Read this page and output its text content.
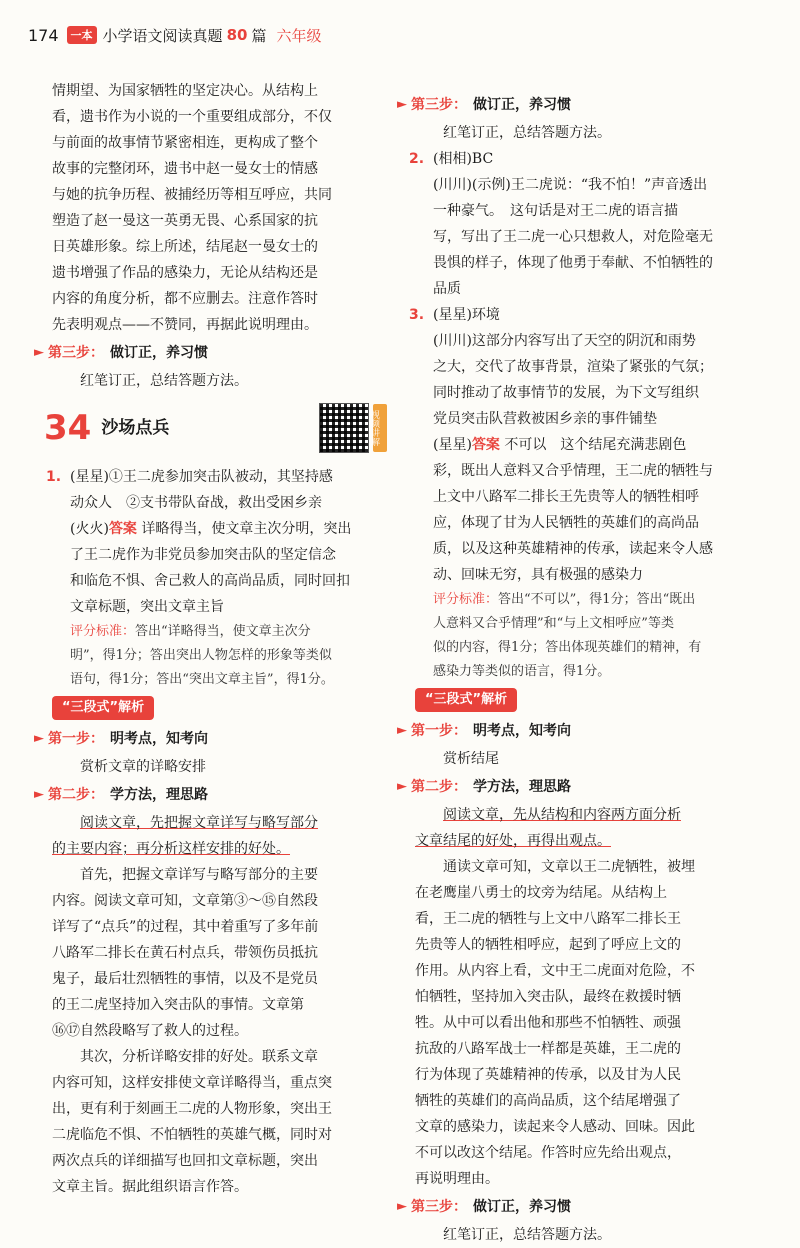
174	一本 小学语文阅读真题 80 篇 六年级

情期望、为国家牺牲的坚定决心。从结构上

看，遗书作为小说的一个重要组成部分，不仅

与前面的故事情节紧密相连，更构成了整个

故事的完整闭环，遗书中赵一曼女士的情感

与她的抗争历程、被捕经历等相互呼应，共同

塑造了赵一曼这一英勇无畏、心系国家的抗

日英雄形象。综上所述，结尾赵一曼女士的

遗书增强了作品的感染力，无论从结构还是

内容的角度分析，都不应删去。注意作答时

先表明观点——不赞同，再据此说明理由。

► 第三步： 做订正，养习惯

红笔订正，总结答题方法。

34 沙场点兵	视频讲解
1. (星星)①王二虎参加突击队被动，其坚持感

动众人　②支书带队奋战，救出受困乡亲

(火火)答案 详略得当，使文章主次分明，突出

了王二虎作为非党员参加突击队的坚定信念

和临危不惧、舍己救人的高尚品质，同时回扣

文章标题，突出文章主旨

评分标准：答出“详略得当，使文章主次分

明”，得1分；答出突出人物怎样的形象等类似

语句，得1分；答出“突出文章主旨”，得1分。

“三段式”解析
► 第一步： 明考点，知考向

赏析文章的详略安排

► 第二步： 学方法，理思路

阅读文章，先把握文章详写与略写部分

的主要内容；再分析这样安排的好处。

首先，把握文章详写与略写部分的主要

内容。阅读文章可知，文章第③～⑮自然段

详写了“点兵”的过程，其中着重写了多年前

八路军二排长在黄石村点兵，带领伤员抵抗

鬼子，最后壮烈牺牲的事情，以及不是党员

的王二虎坚持加入突击队的事情。文章第

⑯⑰自然段略写了救人的过程。

其次，分析详略安排的好处。联系文章

内容可知，这样安排使文章详略得当，重点突

出，更有利于刻画王二虎的人物形象，突出王

二虎临危不惧、不怕牺牲的英雄气概，同时对

两次点兵的详细描写也回扣文章标题，突出

文章主旨。据此组织语言作答。

► 第三步： 做订正，养习惯

红笔订正，总结答题方法。

2. (相相)BC

(川川)(示例)王二虎说：“我不怕！”声音透出

一种豪气。　这句话是对王二虎的语言描

写，写出了王二虎一心只想救人，对危险毫无

畏惧的样子，体现了他勇于奉献、不怕牺牲的

品质

3. (星星)环境

(川川)这部分内容写出了天空的阴沉和雨势

之大，交代了故事背景，渲染了紧张的气氛；

同时推动了故事情节的发展，为下文写组织

党员突击队营救被困乡亲的事件铺垫

(星星)答案 不可以　这个结尾充满悲剧色

彩，既出人意料又合乎情理，王二虎的牺牲与

上文中八路军二排长王先贵等人的牺牲相呼

应，体现了甘为人民牺牲的英雄们的高尚品

质，以及这种英雄精神的传承，读起来令人感

动、回味无穷，具有极强的感染力

评分标准：答出“不可以”，得1分；答出“既出

人意料又合乎情理”和“与上文相呼应”等类

似的内容，得1分；答出体现英雄们的精神，有

感染力等类似的语言，得1分。

“三段式”解析
► 第一步： 明考点，知考向

赏析结尾

► 第二步： 学方法，理思路

阅读文章，先从结构和内容两方面分析

文章结尾的好处，再得出观点。

通读文章可知，文章以王二虎牺牲，被埋

在老鹰崖八勇士的坟旁为结尾。从结构上

看，王二虎的牺牲与上文中八路军二排长王

先贵等人的牺牲相呼应，起到了呼应上文的

作用。从内容上看，文中王二虎面对危险，不

怕牺牲，坚持加入突击队，最终在救援时牺

牲。从中可以看出他和那些不怕牺牲、顽强

抗敌的八路军战士一样都是英雄，王二虎的

行为体现了英雄精神的传承，以及甘为人民

牺牲的英雄们的高尚品质，这个结尾增强了

文章的感染力，读起来令人感动、回味。因此

不可以改这个结尾。作答时应先给出观点，

再说明理由。

► 第三步： 做订正，养习惯

红笔订正，总结答题方法。
